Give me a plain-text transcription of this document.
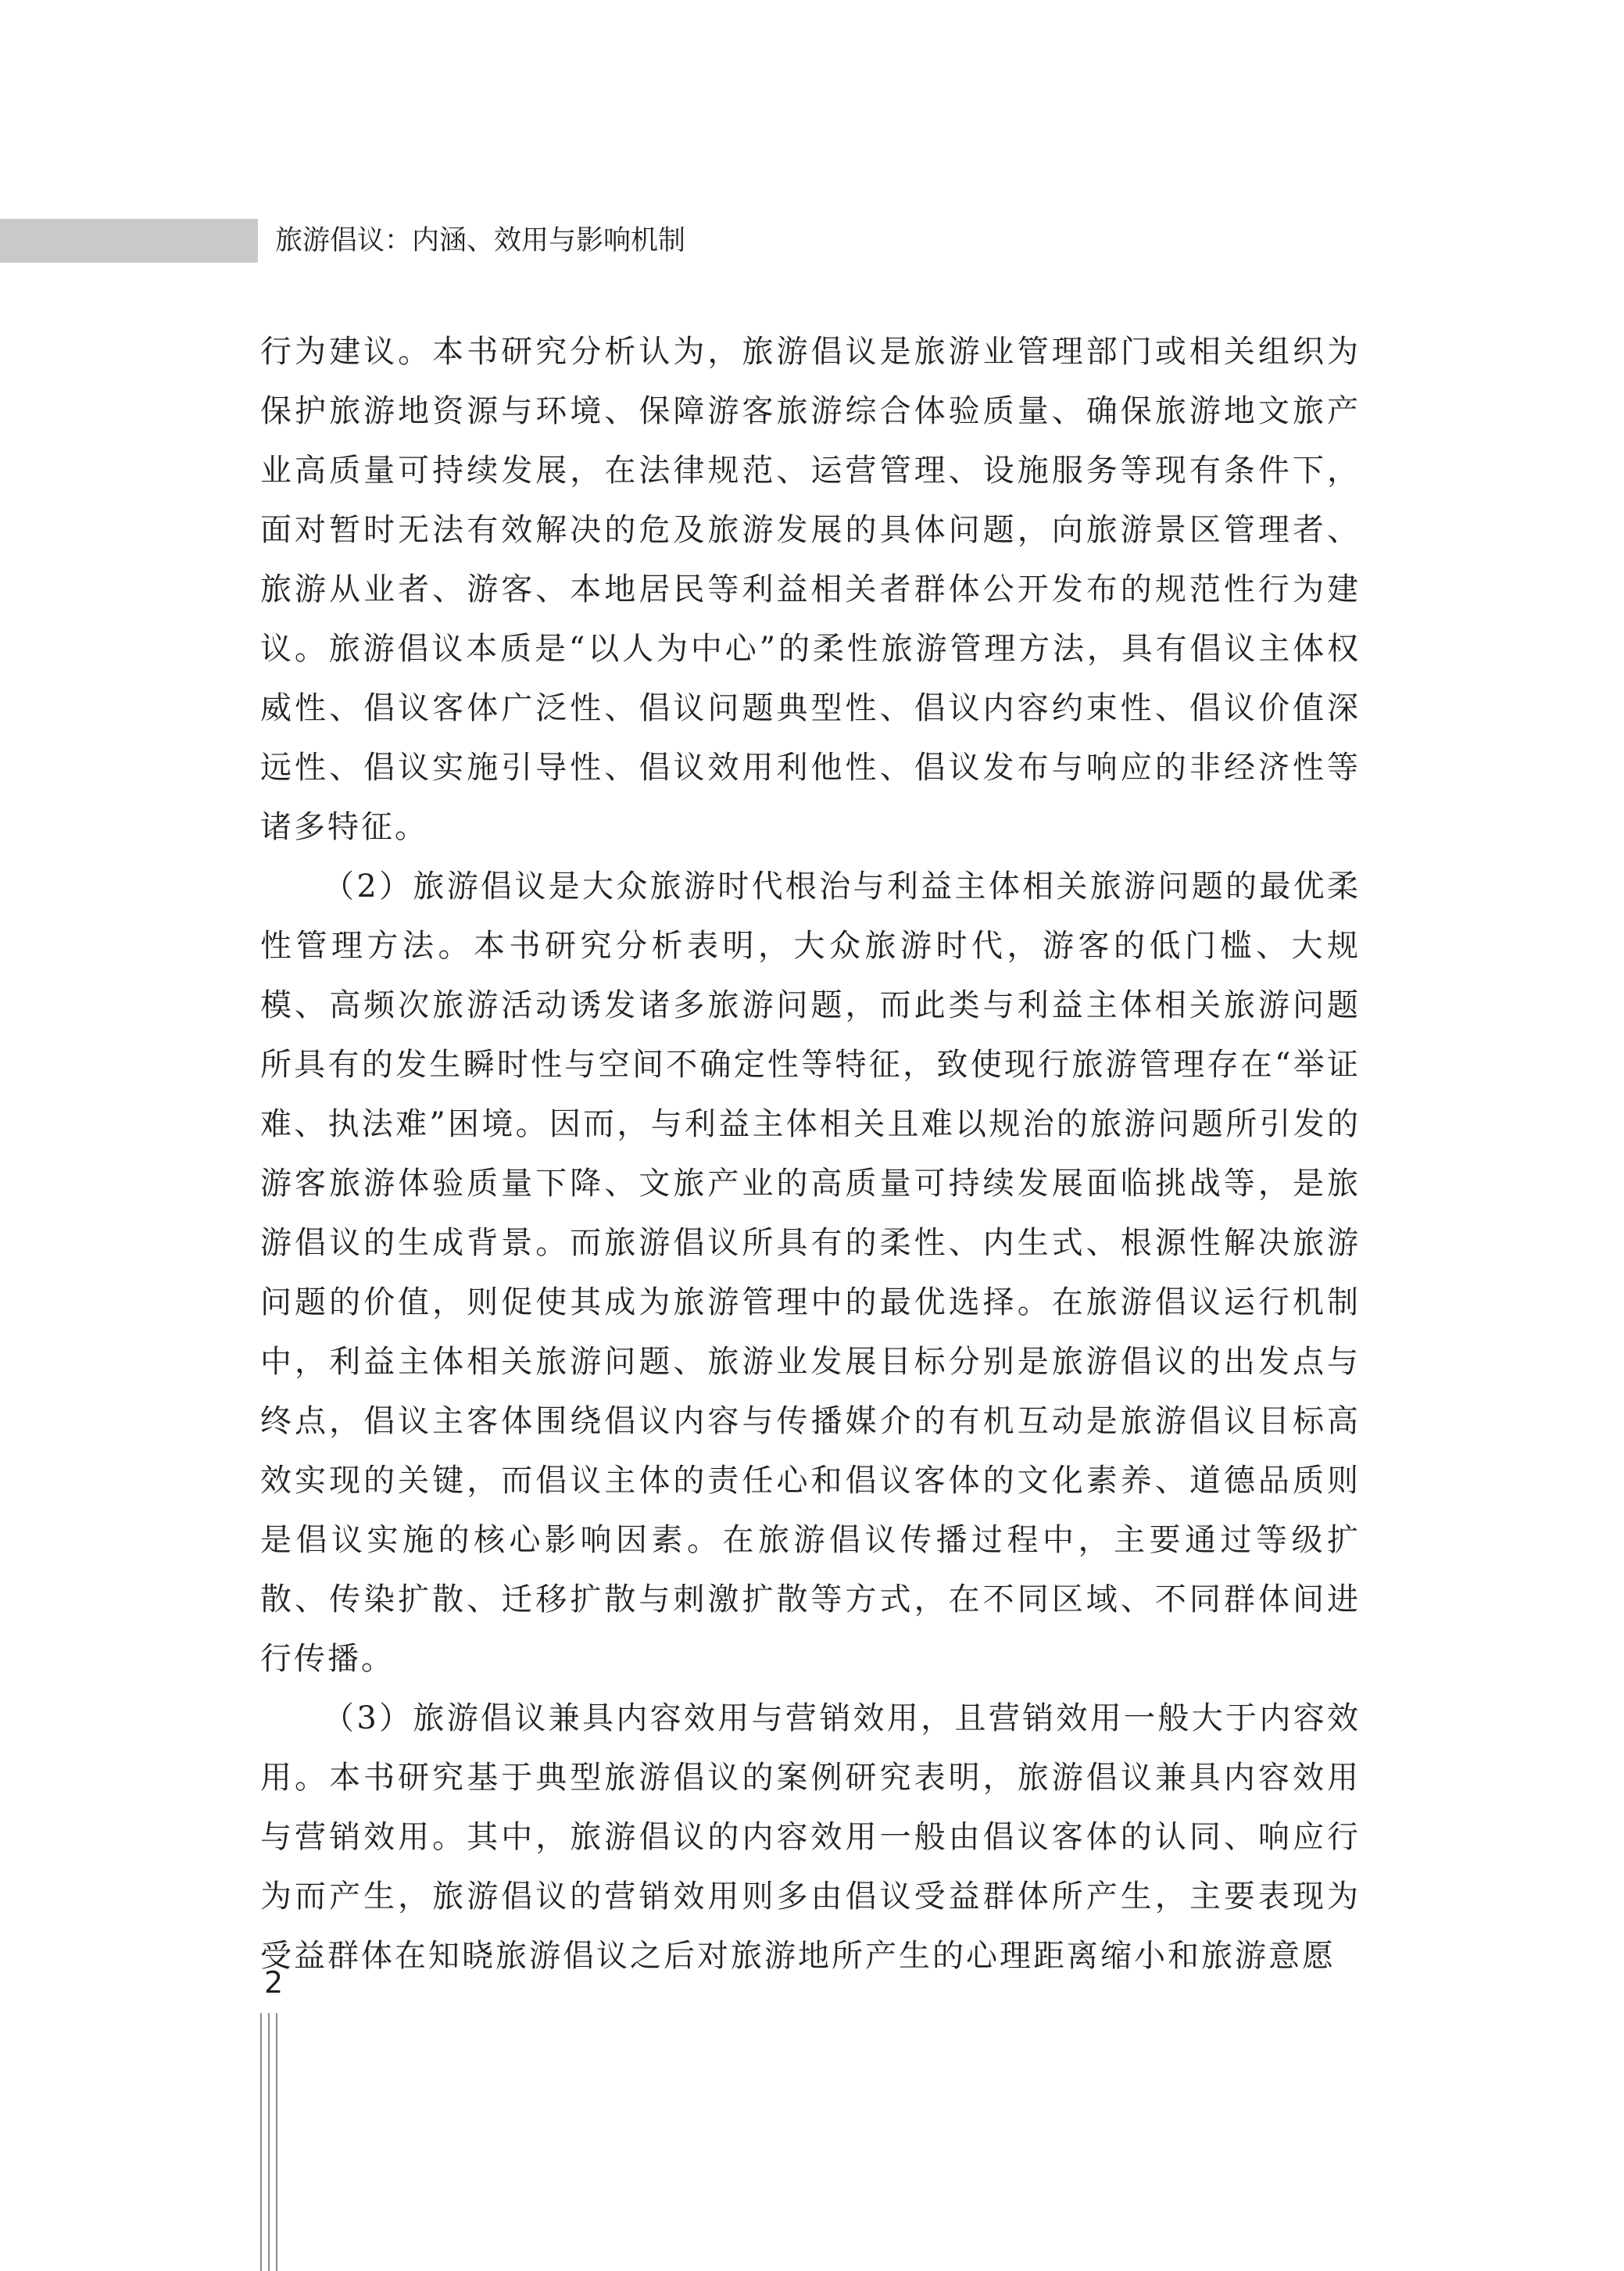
旅游倡议：内涵、效用与影响机制

行为建议。本书研究分析认为，旅游倡议是旅游业管理部门或相关组织为保护旅游地资源与环境、保障游客旅游综合体验质量、确保旅游地文旅产业高质量可持续发展，在法律规范、运营管理、设施服务等现有条件下，面对暂时无法有效解决的危及旅游发展的具体问题，向旅游景区管理者、旅游从业者、游客、本地居民等利益相关者群体公开发布的规范性行为建议。旅游倡议本质是“以人为中心”的柔性旅游管理方法，具有倡议主体权威性、倡议客体广泛性、倡议问题典型性、倡议内容约束性、倡议价值深远性、倡议实施引导性、倡议效用利他性、倡议发布与响应的非经济性等诸多特征。

（2）旅游倡议是大众旅游时代根治与利益主体相关旅游问题的最优柔性管理方法。本书研究分析表明，大众旅游时代，游客的低门槛、大规模、高频次旅游活动诱发诸多旅游问题，而此类与利益主体相关旅游问题所具有的发生瞬时性与空间不确定性等特征，致使现行旅游管理存在“举证难、执法难”困境。因而，与利益主体相关且难以规治的旅游问题所引发的游客旅游体验质量下降、文旅产业的高质量可持续发展面临挑战等，是旅游倡议的生成背景。而旅游倡议所具有的柔性、内生式、根源性解决旅游问题的价值，则促使其成为旅游管理中的最优选择。在旅游倡议运行机制中，利益主体相关旅游问题、旅游业发展目标分别是旅游倡议的出发点与终点，倡议主客体围绕倡议内容与传播媒介的有机互动是旅游倡议目标高效实现的关键，而倡议主体的责任心和倡议客体的文化素养、道德品质则是倡议实施的核心影响因素。在旅游倡议传播过程中，主要通过等级扩散、传染扩散、迁移扩散与刺激扩散等方式，在不同区域、不同群体间进行传播。

（3）旅游倡议兼具内容效用与营销效用，且营销效用一般大于内容效用。本书研究基于典型旅游倡议的案例研究表明，旅游倡议兼具内容效用与营销效用。其中，旅游倡议的内容效用一般由倡议客体的认同、响应行为而产生，旅游倡议的营销效用则多由倡议受益群体所产生，主要表现为受益群体在知晓旅游倡议之后对旅游地所产生的心理距离缩小和旅游意愿

2
